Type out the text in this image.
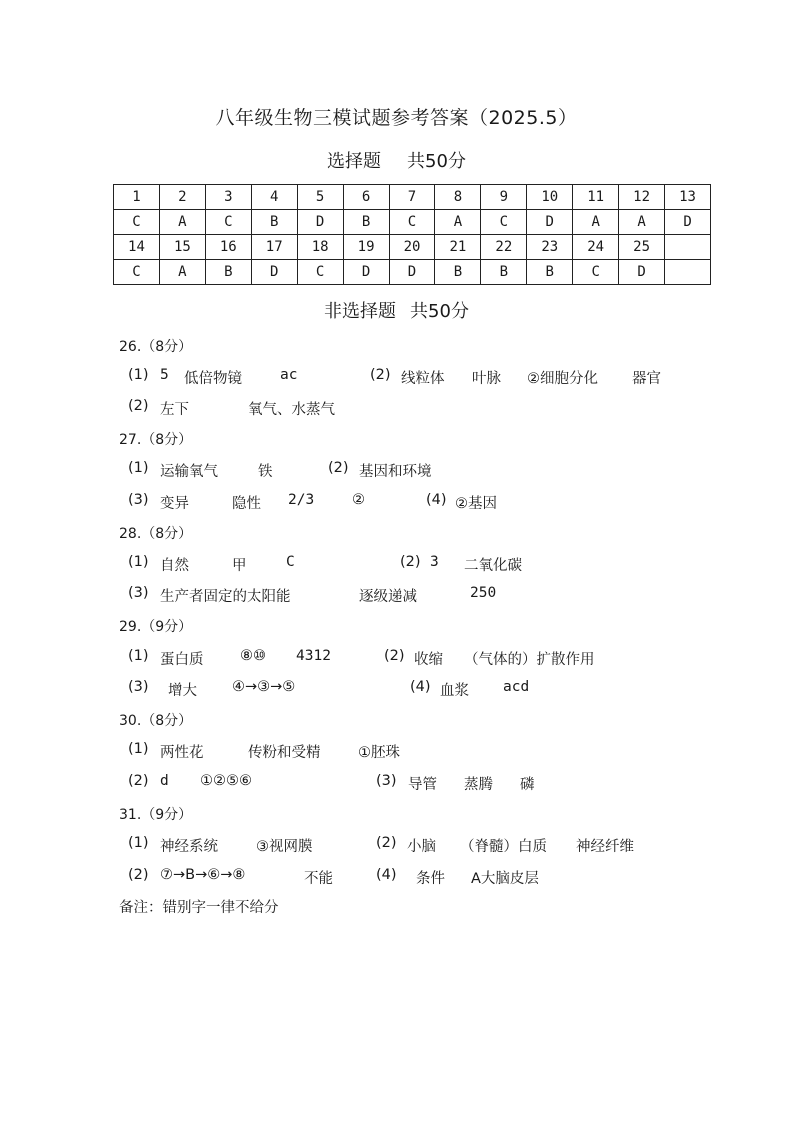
八年级生物三模试题参考答案（2025.5）
选择题 共50分
1	2	3	4	5	6	7	8	9	10	11	12	13
C	A	C	B	D	B	C	A	C	D	A	A	D
14	15	16	17	18	19	20	21	22	23	24	25	
C	A	B	D	C	D	D	B	B	B	C	D	
非选择题 共50分
26.（8分）
(1) 5 低倍物镜	ac	(2) 线粒体 叶脉 ②细胞分化 器官
(2) 左下	氧气、水蒸气
27.（8分）
(1) 运输氧气	铁	(2) 基因和环境
(3) 变异	隐性 2/3	②	(4) ②基因
28.（8分）
(1) 自然	甲	C	(2) 3 二氧化碳
(3) 生产者固定的太阳能	逐级递减	250
29.（9分）
(1) 蛋白质	⑧⑩ 4312	(2) 收缩 （气体的）扩散作用
(3) 增大 ④→③→⑤	(4) 血浆 acd
30.（8分）
(1) 两性花	传粉和受精	①胚珠
(2) d ①②⑤⑥	(3) 导管 蒸腾 磷
31.（9分）
(1) 神经系统	③视网膜	(2) 小脑 （脊髓）白质 神经纤维
(2) ⑦→B→⑥→⑧	不能	(4) 条件 A大脑皮层
备注：错别字一律不给分
